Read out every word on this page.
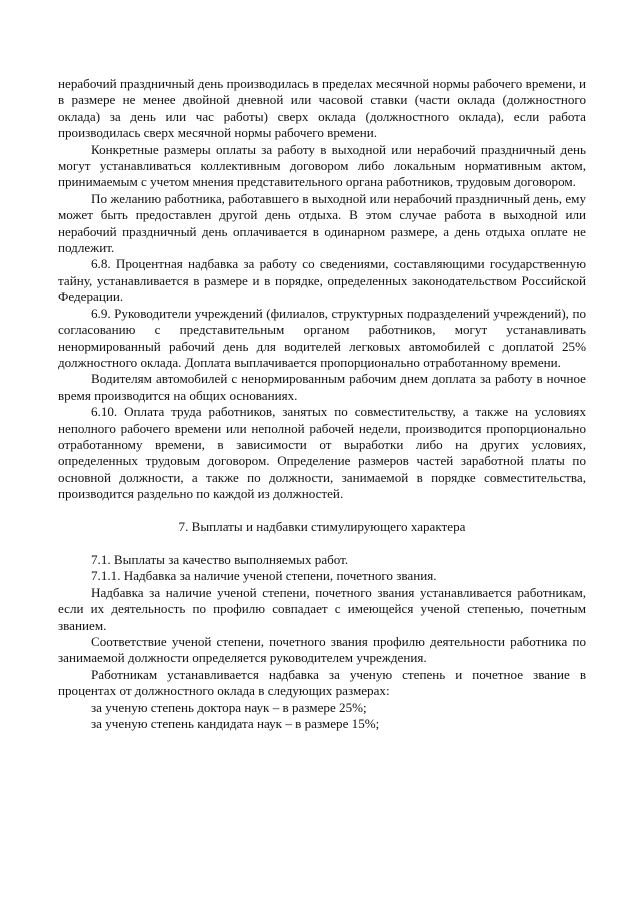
нерабочий праздничный день производилась в пределах месячной нормы рабочего времени, и в размере не менее двойной дневной или часовой ставки (части оклада (должностного оклада) за день или час работы) сверх оклада (должностного оклада), если работа производилась сверх месячной нормы рабочего времени.

Конкретные размеры оплаты за работу в выходной или нерабочий праздничный день могут устанавливаться коллективным договором либо локальным нормативным актом, принимаемым с учетом мнения представительного органа работников, трудовым договором.

По желанию работника, работавшего в выходной или нерабочий праздничный день, ему может быть предоставлен другой день отдыха. В этом случае работа в выходной или нерабочий праздничный день оплачивается в одинарном размере, а день отдыха оплате не подлежит.

6.8. Процентная надбавка за работу со сведениями, составляющими государственную тайну, устанавливается в размере и в порядке, определенных законодательством Российской Федерации.

6.9. Руководители учреждений (филиалов, структурных подразделений учреждений), по согласованию с представительным органом работников, могут устанавливать ненормированный рабочий день для водителей легковых автомобилей с доплатой 25% должностного оклада. Доплата выплачивается пропорционально отработанному времени.

Водителям автомобилей с ненормированным рабочим днем доплата за работу в ночное время производится на общих основаниях.

6.10. Оплата труда работников, занятых по совместительству, а также на условиях неполного рабочего времени или неполной рабочей недели, производится пропорционально отработанному времени, в зависимости от выработки либо на других условиях, определенных трудовым договором. Определение размеров частей заработной платы по основной должности, а также по должности, занимаемой в порядке совместительства, производится раздельно по каждой из должностей.

7. Выплаты и надбавки стимулирующего характера

7.1. Выплаты за качество выполняемых работ.

7.1.1. Надбавка за наличие ученой степени, почетного звания.

Надбавка за наличие ученой степени, почетного звания устанавливается работникам, если их деятельность по профилю совпадает с имеющейся ученой степенью, почетным званием.

Соответствие ученой степени, почетного звания профилю деятельности работника по занимаемой должности определяется руководителем учреждения.

Работникам устанавливается надбавка за ученую степень и почетное звание в процентах от должностного оклада в следующих размерах:

за ученую степень доктора наук – в размере 25%;

за ученую степень кандидата наук – в размере 15%;
